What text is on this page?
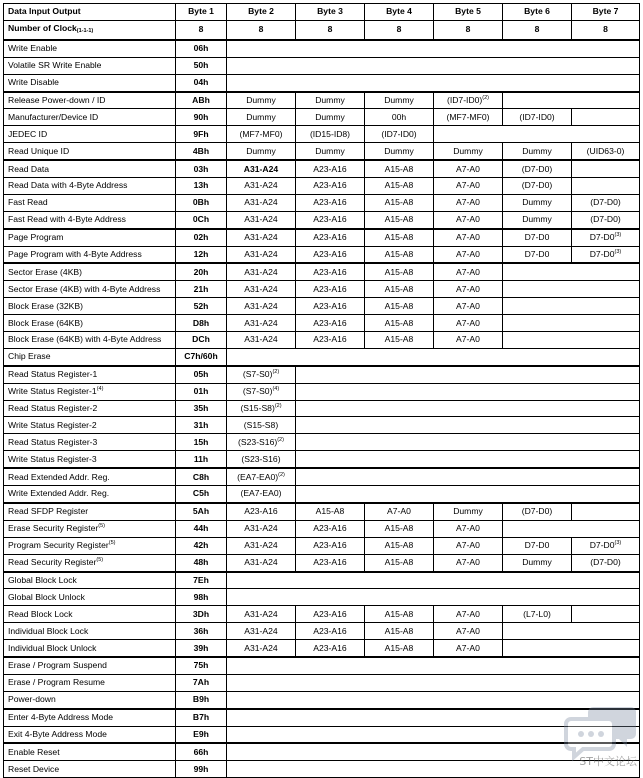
Data Input Output	Byte 1	Byte 2	Byte 3	Byte 4	Byte 5	Byte 6	Byte 7
Number of Clock(1-1-1)	8	8	8	8	8	8	8
Write Enable	06h						
Volatile SR Write Enable	50h						
Write Disable	04h						
Release Power-down / ID	ABh	Dummy	Dummy	Dummy	$(ID7-ID0)^{(2)}$	
Manufacturer/Device ID	90h	Dummy	Dummy	00h	(MF7-MF0)	(ID7-ID0)	
JEDEC ID	9Fh	(MF7-MF0)	(ID15-ID8)	(ID7-ID0)			
Read Unique ID	4Bh	Dummy	Dummy	Dummy	Dummy	Dummy	(UID63-0)
Read Data	03h	A31-A24	A23-A16	A15-A8	A7-A0	(D7-D0)	
Read Data with 4-Byte Address	13h	A31-A24	A23-A16	A15-A8	A7-A0	(D7-D0)	
Fast Read	0Bh	A31-A24	A23-A16	A15-A8	A7-A0	Dummy	(D7-D0)
Fast Read with 4-Byte Address	0Ch	A31-A24	A23-A16	A15-A8	A7-A0	Dummy	(D7-D0)
Page Program	02h	A31-A24	A23-A16	A15-A8	A7-A0	D7-D0	D7-D0$^{(3)}$
Page Program with 4-Byte Address	12h	A31-A24	A23-A16	A15-A8	A7-A0	D7-D0	D7-D0$^{(3)}$
Sector Erase (4KB)	20h	A31-A24	A23-A16	A15-A8	A7-A0		
Sector Erase (4KB) with 4-Byte Address	21h	A31-A24	A23-A16	A15-A8	A7-A0		
Block Erase (32KB)	52h	A31-A24	A23-A16	A15-A8	A7-A0		
Block Erase (64KB)	D8h	A31-A24	A23-A16	A15-A8	A7-A0		
Block Erase (64KB) with 4-Byte Address	DCh	A31-A24	A23-A16	A15-A8	A7-A0		
Chip Erase	C7h/60h						
Read Status Register-1	05h	$(S7-S0)^{(2)}$	
Write Status Register-1$^{(4)}$	01h	$(S7-S0)^{(4)}$	
Read Status Register-2	35h	$(S15-S8)^{(2)}$	
Write Status Register-2	31h	(S15-S8)					
Read Status Register-3	15h	$(S23-S16)^{(2)}$	
Write Status Register-3	11h	(S23-S16)					
Read Extended Addr. Reg.	C8h	$(EA7-EA0)^{(2)}$	
Write Extended Addr. Reg.	C5h	(EA7-EA0)					
Read SFDP Register	5Ah	A23-A16	A15-A8	A7-A0	Dummy	(D7-D0)	
Erase Security Register$^{(5)}$	44h	A31-A24	A23-A16	A15-A8	A7-A0		
Program Security Register$^{(5)}$	42h	A31-A24	A23-A16	A15-A8	A7-A0	D7-D0	D7-D0$^{(3)}$
Read Security Register$^{(5)}$	48h	A31-A24	A23-A16	A15-A8	A7-A0	Dummy	(D7-D0)
Global Block Lock	7Eh						
Global Block Unlock	98h						
Read Block Lock	3Dh	A31-A24	A23-A16	A15-A8	A7-A0	(L7-L0)	
Individual Block Lock	36h	A31-A24	A23-A16	A15-A8	A7-A0		
Individual Block Unlock	39h	A31-A24	A23-A16	A15-A8	A7-A0		
Erase / Program Suspend	75h						
Erase / Program Resume	7Ah						
Power-down	B9h						
Enter 4-Byte Address Mode	B7h						
Exit 4-Byte Address Mode	E9h						
Enable Reset	66h						
Reset Device	99h						
ST中文论坛
